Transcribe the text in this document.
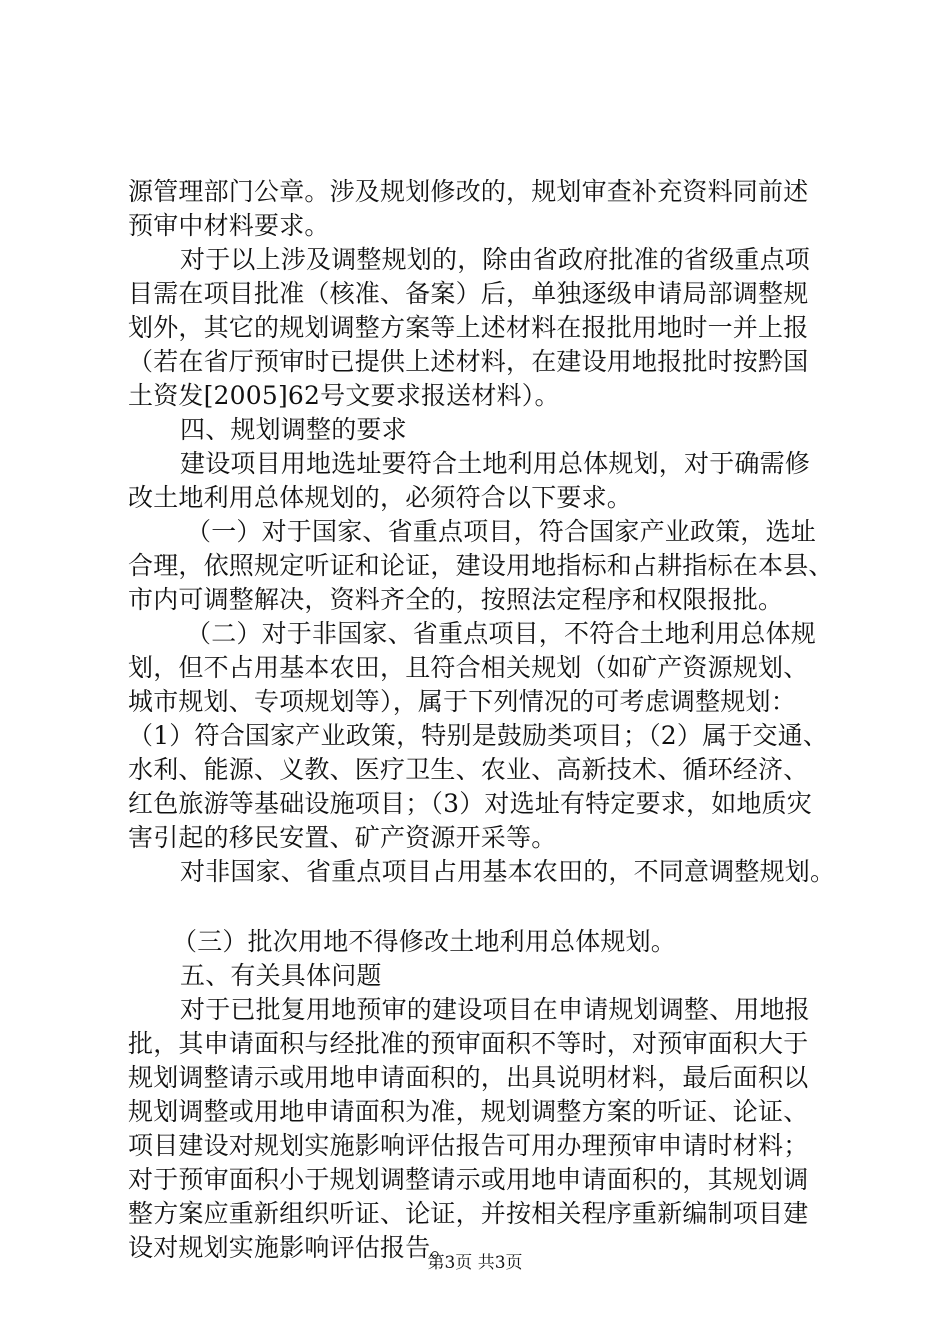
源管理部门公章。涉及规划修改的，规划审查补充资料同前述
预审中材料要求。
对于以上涉及调整规划的，除由省政府批准的省级重点项
目需在项目批准（核准、备案）后，单独逐级申请局部调整规
划外，其它的规划调整方案等上述材料在报批用地时一并上报
（若在省厅预审时已提供上述材料，在建设用地报批时按黔国
土资发[2005]62号文要求报送材料）。
四、规划调整的要求
建设项目用地选址要符合土地利用总体规划，对于确需修
改土地利用总体规划的，必须符合以下要求。
（一）对于国家、省重点项目，符合国家产业政策，选址
合理，依照规定听证和论证，建设用地指标和占耕指标在本县、
市内可调整解决，资料齐全的，按照法定程序和权限报批。
（二）对于非国家、省重点项目，不符合土地利用总体规
划，但不占用基本农田，且符合相关规划（如矿产资源规划、
城市规划、专项规划等），属于下列情况的可考虑调整规划：
（1）符合国家产业政策，特别是鼓励类项目；（2）属于交通、
水利、能源、义教、医疗卫生、农业、高新技术、循环经济、
红色旅游等基础设施项目；（3）对选址有特定要求，如地质灾
害引起的移民安置、矿产资源开采等。
对非国家、省重点项目占用基本农田的，不同意调整规划。
（三）批次用地不得修改土地利用总体规划。
五、有关具体问题
对于已批复用地预审的建设项目在申请规划调整、用地报
批，其申请面积与经批准的预审面积不等时，对预审面积大于
规划调整请示或用地申请面积的，出具说明材料，最后面积以
规划调整或用地申请面积为准，规划调整方案的听证、论证、
项目建设对规划实施影响评估报告可用办理预审申请时材料；
对于预审面积小于规划调整请示或用地申请面积的，其规划调
整方案应重新组织听证、论证，并按相关程序重新编制项目建
设对规划实施影响评估报告。
第3页 共3页
